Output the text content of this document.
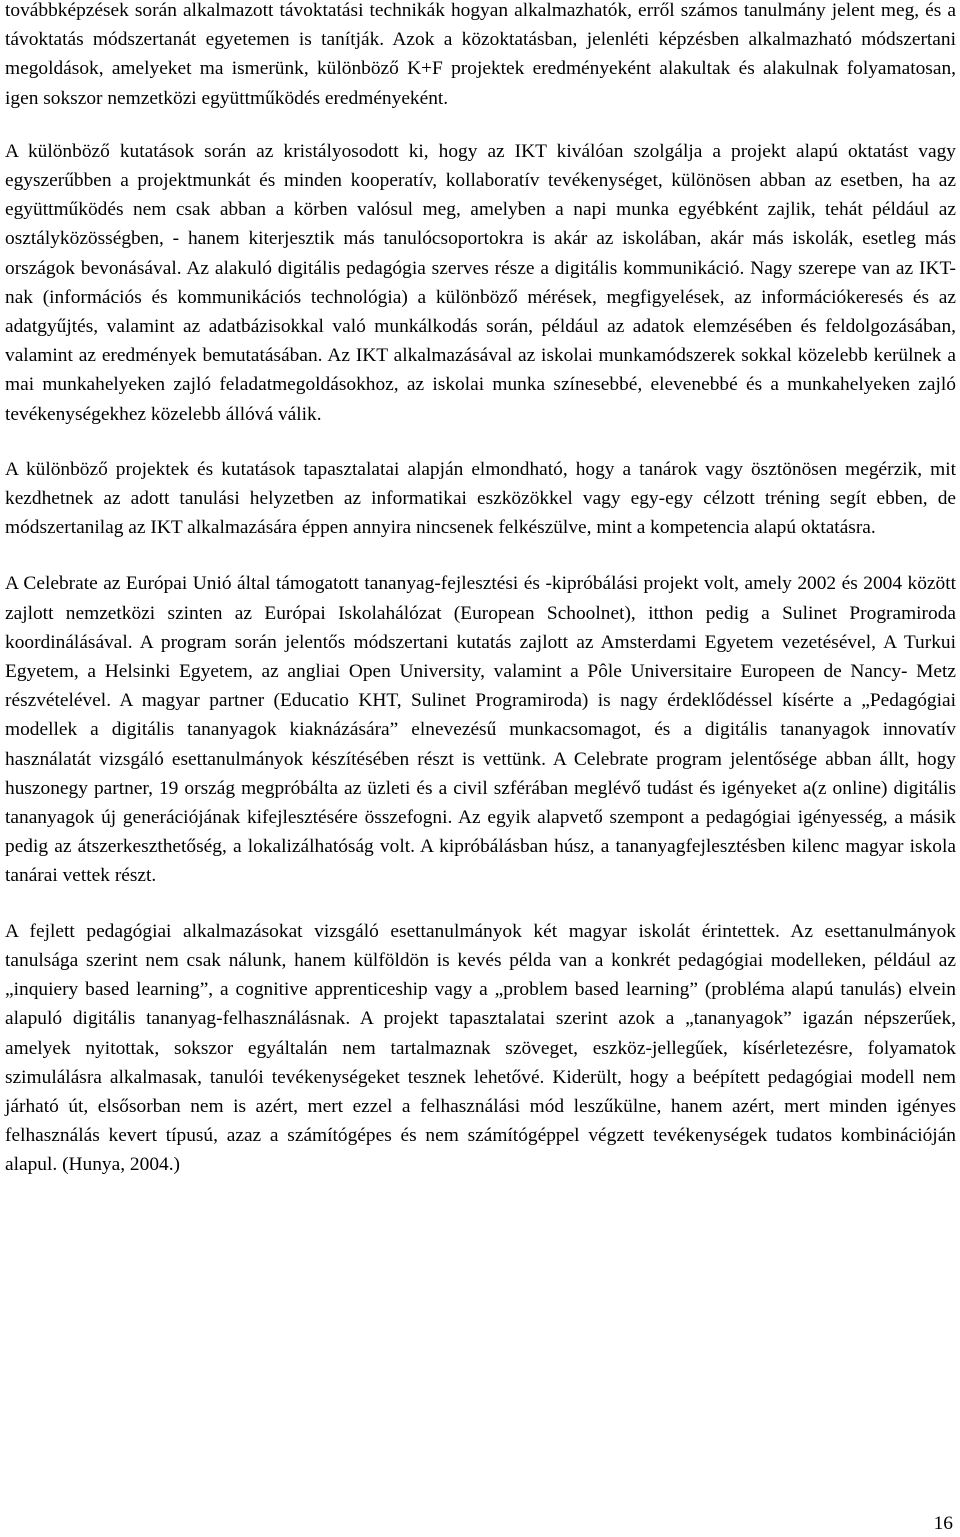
továbbképzések során alkalmazott távoktatási technikák hogyan alkalmazhatók, erről számos tanulmány jelent meg, és a távoktatás módszertanát egyetemen is tanítják. Azok a közoktatásban, jelenléti képzésben alkalmazható módszertani megoldások, amelyeket ma ismerünk, különböző K+F projektek eredményeként alakultak és alakulnak folyamatosan, igen sokszor nemzetközi együttműködés eredményeként.

A különböző kutatások során az kristályosodott ki, hogy az IKT kiválóan szolgálja a projekt alapú oktatást vagy egyszerűbben a projektmunkát és minden kooperatív, kollaboratív tevékenységet, különösen abban az esetben, ha az együttműködés nem csak abban a körben valósul meg, amelyben a napi munka egyébként zajlik, tehát például az osztályközösségben, - hanem kiterjesztik más tanulócsoportokra is akár az iskolában, akár más iskolák, esetleg más országok bevonásával. Az alakuló digitális pedagógia szerves része a digitális kommunikáció. Nagy szerepe van az IKT-nak (információs és kommunikációs technológia) a különböző mérések, megfigyelések, az információkeresés és az adatgyűjtés, valamint az adatbázisokkal való munkálkodás során, például az adatok elemzésében és feldolgozásában, valamint az eredmények bemutatásában. Az IKT alkalmazásával az iskolai munkamódszerek sokkal közelebb kerülnek a mai munkahelyeken zajló feladatmegoldásokhoz, az iskolai munka színesebbé, elevenebbé és a munkahelyeken zajló tevékenységekhez közelebb állóvá válik.

A különböző projektek és kutatások tapasztalatai alapján elmondható, hogy a tanárok vagy ösztönösen megérzik, mit kezdhetnek az adott tanulási helyzetben az informatikai eszközökkel vagy egy-egy célzott tréning segít ebben, de módszertanilag az IKT alkalmazására éppen annyira nincsenek felkészülve, mint a kompetencia alapú oktatásra.

A Celebrate az Európai Unió által támogatott tananyag-fejlesztési és -kipróbálási projekt volt, amely 2002 és 2004 között zajlott nemzetközi szinten az Európai Iskolahálózat (European Schoolnet), itthon pedig a Sulinet Programiroda koordinálásával. A program során jelentős módszertani kutatás zajlott az Amsterdami Egyetem vezetésével, A Turkui Egyetem, a Helsinki Egyetem, az angliai Open University, valamint a Pôle Universitaire Europeen de Nancy- Metz részvételével. A magyar partner (Educatio KHT, Sulinet Programiroda) is nagy érdeklődéssel kísérte a „Pedagógiai modellek a digitális tananyagok kiaknázására” elnevezésű munkacsomagot, és a digitális tananyagok innovatív használatát vizsgáló esettanulmányok készítésében részt is vettünk. A Celebrate program jelentősége abban állt, hogy huszonegy partner, 19 ország megpróbálta az üzleti és a civil szférában meglévő tudást és igényeket a(z online) digitális tananyagok új generációjának kifejlesztésére összefogni. Az egyik alapvető szempont a pedagógiai igényesség, a másik pedig az átszerkeszthetőség, a lokalizálhatóság volt. A kipróbálásban húsz, a tananyagfejlesztésben kilenc magyar iskola tanárai vettek részt.

A fejlett pedagógiai alkalmazásokat vizsgáló esettanulmányok két magyar iskolát érintettek. Az esettanulmányok tanulsága szerint nem csak nálunk, hanem külföldön is kevés példa van a konkrét pedagógiai modelleken, például az „inquiery based learning”, a cognitive apprenticeship vagy a „problem based learning” (probléma alapú tanulás) elvein alapuló digitális tananyag-felhasználásnak. A projekt tapasztalatai szerint azok a „tananyagok” igazán népszerűek, amelyek nyitottak, sokszor egyáltalán nem tartalmaznak szöveget, eszköz-jellegűek, kísérletezésre, folyamatok szimulálásra alkalmasak, tanulói tevékenységeket tesznek lehetővé. Kiderült, hogy a beépített pedagógiai modell nem járható út, elsősorban nem is azért, mert ezzel a felhasználási mód leszűkülne, hanem azért, mert minden igényes felhasználás kevert típusú, azaz a számítógépes és nem számítógéppel végzett tevékenységek tudatos kombinációján alapul. (Hunya, 2004.)

16
